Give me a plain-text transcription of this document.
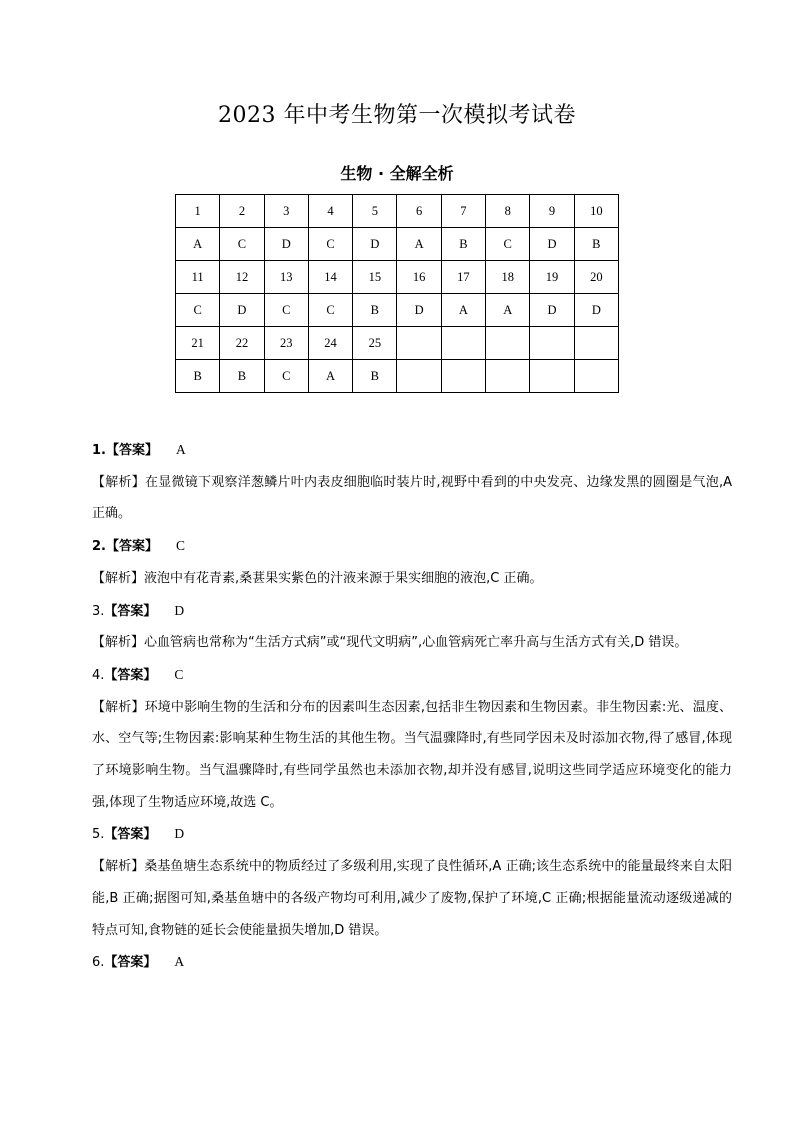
2023 年中考生物第一次模拟考试卷
生物 · 全解全析
1	2	3	4	5	6	7	8	9	10
A	C	D	C	D	A	B	C	D	B
11	12	13	14	15	16	17	18	19	20
C	D	C	C	B	D	A	A	D	D
21	22	23	24	25					
B	B	C	A	B					

1.【答案】 A

【解析】在显微镜下观察洋葱鳞片叶内表皮细胞临时装片时,视野中看到的中央发亮、边缘发黑的圆圈是气泡,A 正确。

2.【答案】 C

【解析】液泡中有花青素,桑葚果实紫色的汁液来源于果实细胞的液泡,C 正确。

3.【答案】 D

【解析】心血管病也常称为“生活方式病”或“现代文明病”,心血管病死亡率升高与生活方式有关,D 错误。

4.【答案】 C

【解析】环境中影响生物的生活和分布的因素叫生态因素,包括非生物因素和生物因素。非生物因素:光、温度、水、空气等;生物因素:影响某种生物生活的其他生物。当气温骤降时,有些同学因未及时添加衣物,得了感冒,体现了环境影响生物。当气温骤降时,有些同学虽然也未添加衣物,却并没有感冒,说明这些同学适应环境变化的能力强,体现了生物适应环境,故选 C。

5.【答案】 D

【解析】桑基鱼塘生态系统中的物质经过了多级利用,实现了良性循环,A 正确;该生态系统中的能量最终来自太阳能,B 正确;据图可知,桑基鱼塘中的各级产物均可利用,减少了废物,保护了环境,C 正确;根据能量流动逐级递减的特点可知,食物链的延长会使能量损失增加,D 错误。

6.【答案】 A
